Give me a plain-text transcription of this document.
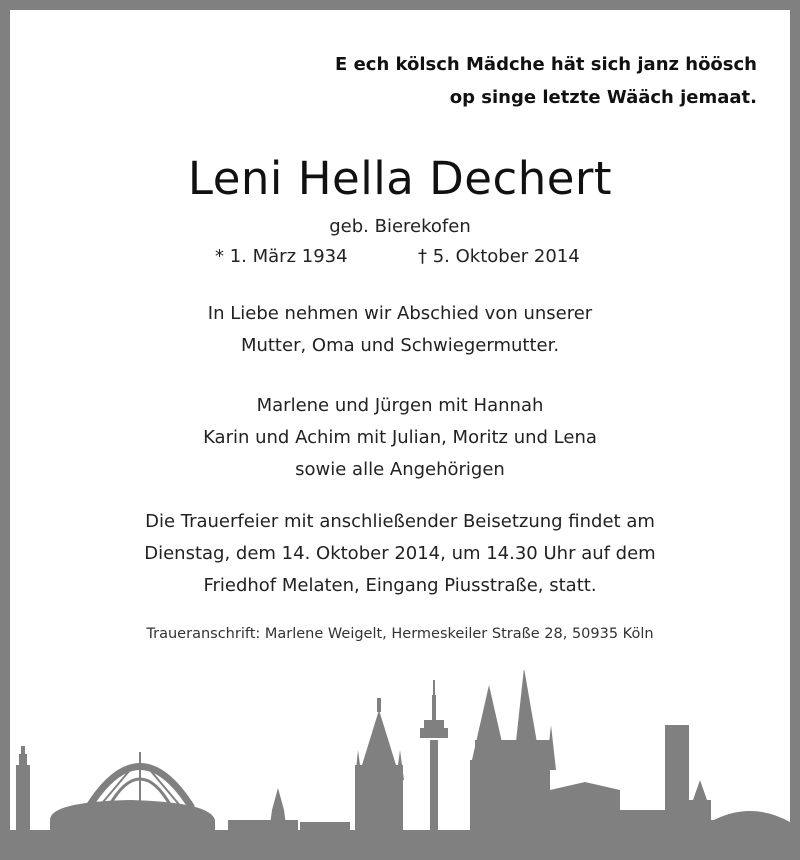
E ech kölsch Mädche hät sich janz höösch
op singe letzte Wääch jemaat.
Leni Hella Dechert
geb. Bierekofen
* 1. März 1934	† 5. Oktober 2014
In Liebe nehmen wir Abschied von unserer
Mutter, Oma und Schwiegermutter.
Marlene und Jürgen mit Hannah
Karin und Achim mit Julian, Moritz und Lena
sowie alle Angehörigen
Die Trauerfeier mit anschließender Beisetzung findet am
Dienstag, dem 14. Oktober 2014, um 14.30 Uhr auf dem
Friedhof Melaten, Eingang Piusstraße, statt.
Traueranschrift: Marlene Weigelt, Hermeskeiler Straße 28, 50935 Köln
